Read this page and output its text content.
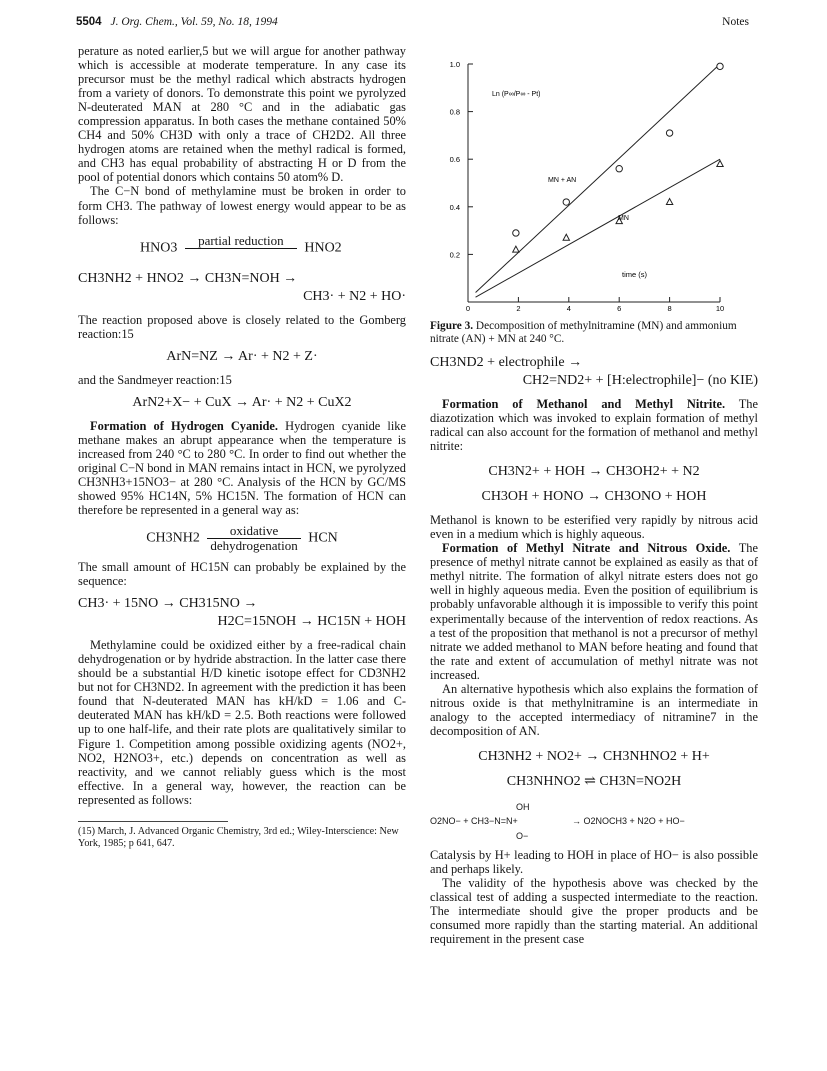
5504 J. Org. Chem., Vol. 59, No. 18, 1994	Notes

perature as noted earlier,5 but we will argue for another pathway which is accessible at moderate temperature. In any case its precursor must be the methyl radical which abstracts hydrogen from a variety of donors. To demonstrate this point we pyrolyzed N-deuterated MAN at 280 °C and in the adiabatic gas compression apparatus. In both cases the methane contained 50% CH4 and 50% CH3D with only a trace of CH2D2. All three hydrogen atoms are retained when the methyl radical is formed, and CH3 has equal probability of abstracting H or D from the pool of potential donors which contains 50 atom% D.

The C−N bond of methylamine must be broken in order to form CH3. The pathway of lowest energy would appear to be as follows:

HNO3
partial reduction

HNO2
CH3NH2 + HNO2 → CH3N=NOH →
CH3· + N2 + HO·

The reaction proposed above is closely related to the Gomberg reaction:15

ArN=NZ → Ar· + N2 + Z·

and the Sandmeyer reaction:15

ArN2+X− + CuX → Ar· + N2 + CuX2

Formation of Hydrogen Cyanide. Hydrogen cyanide like methane makes an abrupt appearance when the temperature is increased from 240 °C to 280 °C. In order to find out whether the original C−N bond in MAN remains intact in HCN, we pyrolyzed CH3NH3+15NO3− at 280 °C. Analysis of the HCN by GC/MS showed 95% HC14N, 5% HC15N. The formation of HCN can therefore be represented in a general way as:

$CH3NH2 \frac{\text{oxidative}}{\text{dehydrogenation}}$ HCN

The small amount of HC15N can probably be explained by the sequence:

CH3· + 15NO → CH315NO →
H2C=15NOH → HC15N + HOH

Methylamine could be oxidized either by a free-radical chain dehydrogenation or by hydride abstraction. In the latter case there should be a substantial H/D kinetic isotope effect for CD3NH2 but not for CH3ND2. In agreement with the prediction it has been found that N-deuterated MAN has kH/kD = 1.06 and C-deuterated MAN has kH/kD = 2.5. Both reactions were followed up to one half-life, and their rate plots are qualitatively similar to Figure 1. Competition among possible oxidizing agents (NO2+, NO2, H2NO3+, etc.) depends on concentration as well as reactivity, and we cannot reliably guess which is the most effective. In a general way, however, the reaction can be represented as follows:

(15) March, J. Advanced Organic Chemistry, 3rd ed.; Wiley-Interscience: New York, 1985; p 641, 647.
0.2
0.4
0.6
0.8
1.0
0	2	4	6	8	10
Ln (P∞/P∞ - Pt)
MN + AN
MN
time (s)
Figure 3. Decomposition of methylnitramine (MN) and ammonium nitrate (AN) + MN at 240 °C.
CH3ND2 + electrophile →
CH2=ND2+ + [H:electrophile]− (no KIE)

Formation of Methanol and Methyl Nitrite. The diazotization which was invoked to explain formation of methyl radical can also account for the formation of methanol and methyl nitrite:

CH3N2+ + HOH → CH3OH2+ + N2
CH3OH + HONO → CH3ONO + HOH

Methanol is known to be esterified very rapidly by nitrous acid even in a medium which is highly aqueous.

Formation of Methyl Nitrate and Nitrous Oxide. The presence of methyl nitrate cannot be explained as easily as that of methyl nitrite. The formation of alkyl nitrate esters does not go well in highly aqueous media. Even the position of equilibrium is probably unfavorable although it is impossible to verify this point experimentally because of the intervention of redox reactions. As a test of the proposition that methanol is not a precursor of methyl nitrate we added methanol to MAN before heating and found that the rate and extent of accumulation of methyl nitrate was not increased.

An alternative hypothesis which also explains the formation of nitrous oxide is that methylnitramine is an intermediate in analogy to the accepted intermediacy of nitramine7 in the decomposition of AN.

CH3NH2 + NO2+ → CH3NHNO2 + H+
CH3NHNO2 ⇌ CH3N=NO2H
OH
O2NO− + CH3−N=N+
O−
→ O2NOCH3 + N2O + HO−

Catalysis by H+ leading to HOH in place of HO− is also possible and perhaps likely.

The validity of the hypothesis above was checked by the classical test of adding a suspected intermediate to the reaction. The intermediate should give the proper products and be consumed more rapidly than the starting material. An additional requirement in the present case
